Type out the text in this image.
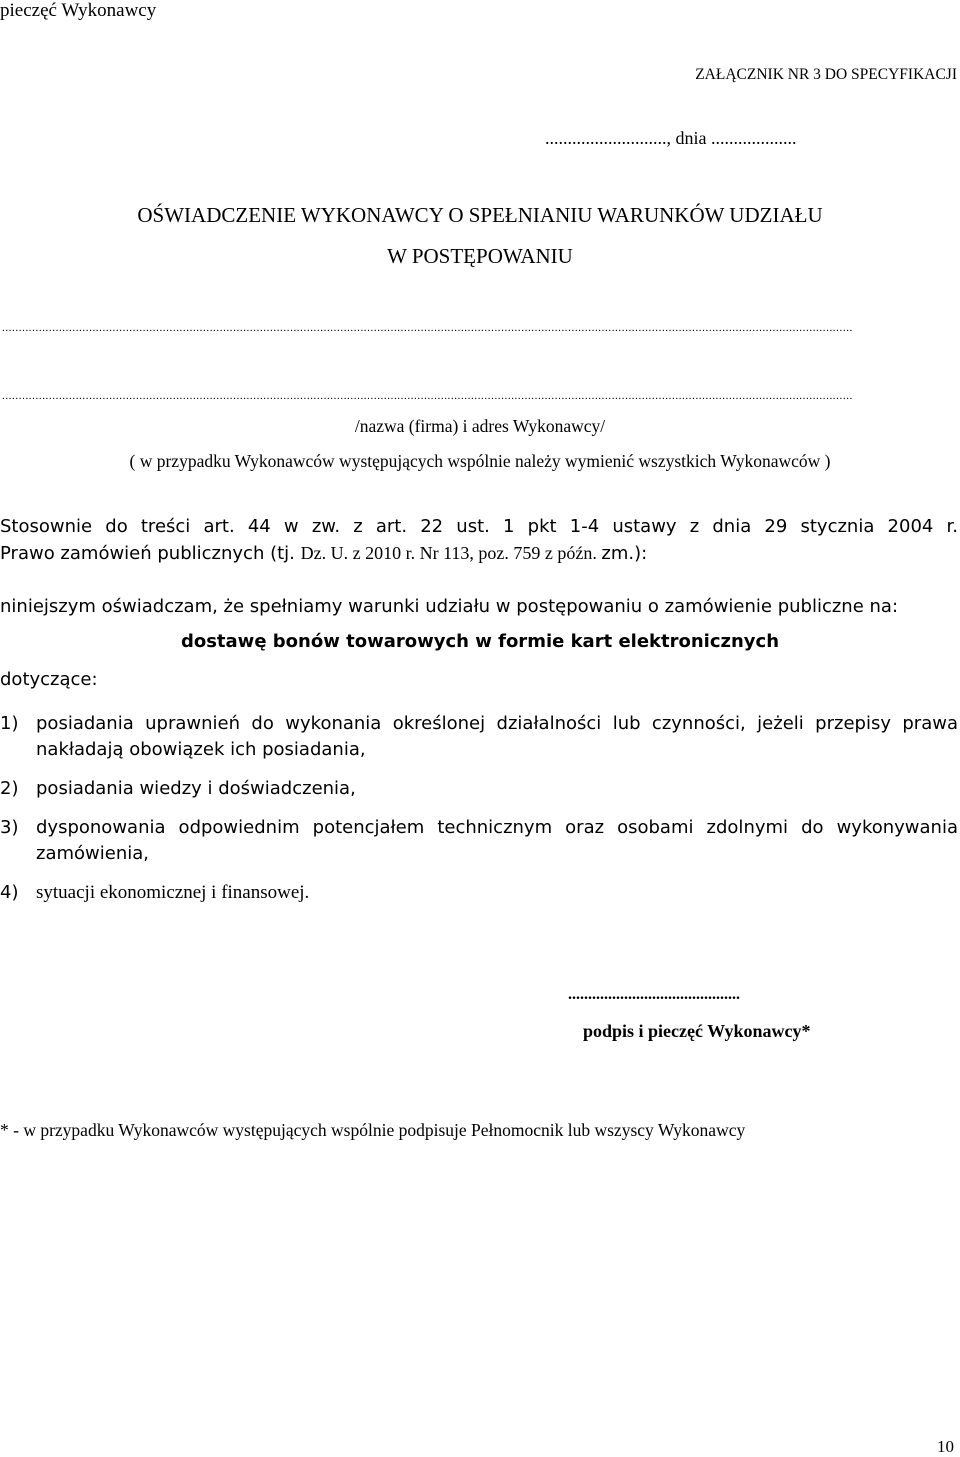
pieczęć Wykonawcy
ZAŁĄCZNIK NR 3 DO SPECYFIKACJI
..........................., dnia ...................
OŚWIADCZENIE WYKONAWCY O SPEŁNIANIU WARUNKÓW UDZIAŁU
W POSTĘPOWANIU
..............................................................................................................................................................................................................................................................
..............................................................................................................................................................................................................................................................
/nazwa (firma) i adres Wykonawcy/
( w przypadku Wykonawców występujących wspólnie należy wymienić wszystkich Wykonawców )
Stosownie do treści art. 44 w zw. z art. 22 ust. 1 pkt 1-4 ustawy z dnia 29 stycznia 2004 r.
Prawo zamówień publicznych (tj. Dz. U. z 2010 r. Nr 113, poz. 759 z późn. zm.):
niniejszym oświadczam, że spełniamy warunki udziału w postępowaniu o zamówienie publiczne na:
dostawę bonów towarowych w formie kart elektronicznych
dotyczące:
1) posiadania uprawnień do wykonania określonej działalności lub czynności, jeżeli przepisy prawa
nakładają obowiązek ich posiadania,
2) posiadania wiedzy i doświadczenia,
3) dysponowania odpowiednim potencjałem technicznym oraz osobami zdolnymi do wykonywania
zamówienia,
4) sytuacji ekonomicznej i finansowej.
...........................................
podpis i pieczęć Wykonawcy*
* - w przypadku Wykonawców występujących wspólnie podpisuje Pełnomocnik lub wszyscy Wykonawcy
10
